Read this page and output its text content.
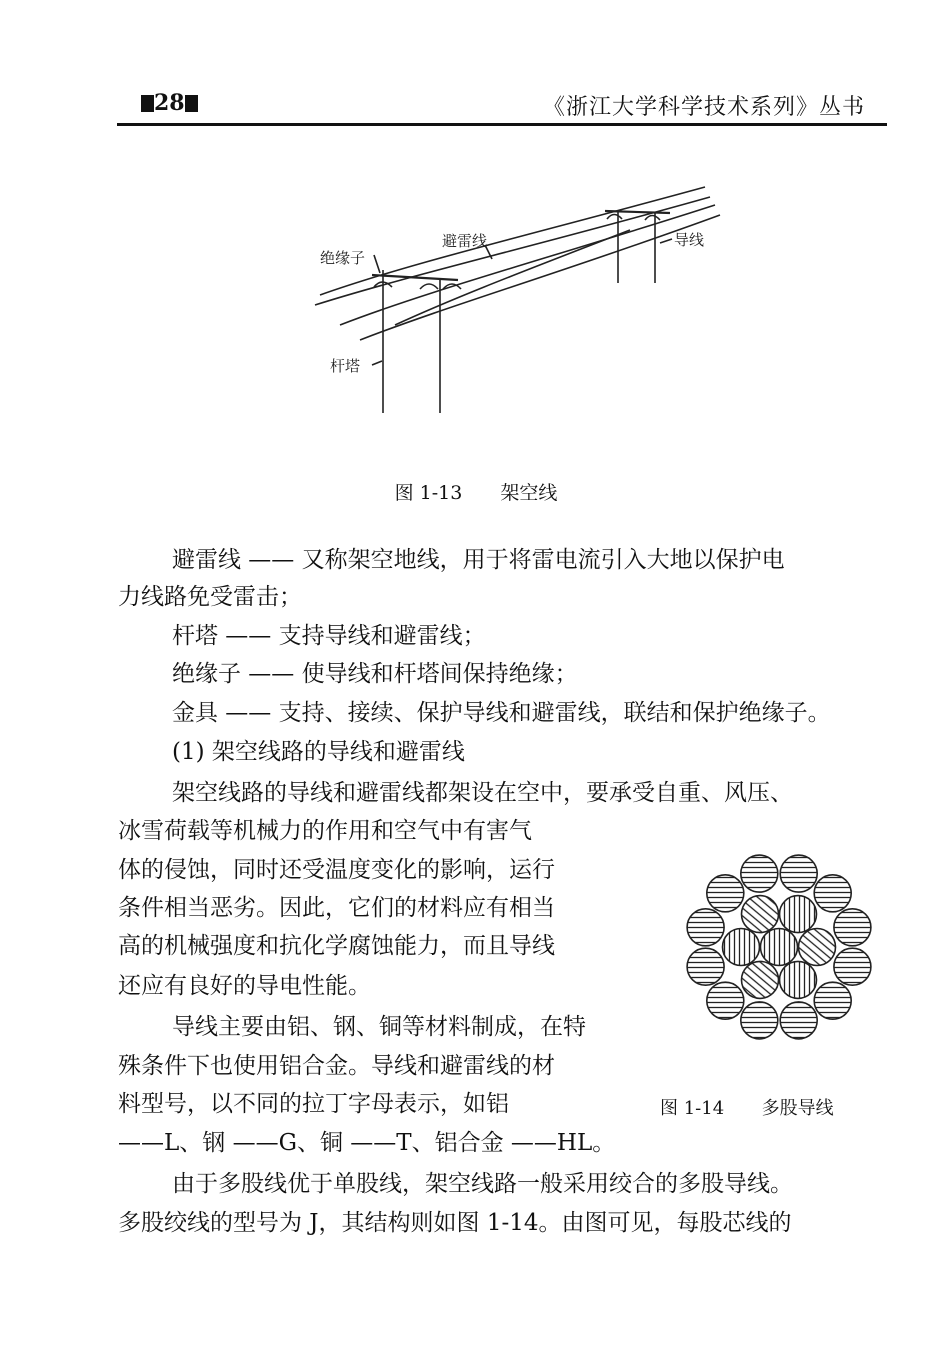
28	《浙江大学科学技术系列》丛书
绝缘子
避雷线	导线
杆塔
图 1-13 架空线
避雷线 —— 又称架空地线，用于将雷电流引入大地以保护电
力线路免受雷击；
杆塔 —— 支持导线和避雷线；
绝缘子 —— 使导线和杆塔间保持绝缘；
金具 —— 支持、接续、保护导线和避雷线，联结和保护绝缘子。
(1) 架空线路的导线和避雷线
架空线路的导线和避雷线都架设在空中，要承受自重、风压、
冰雪荷载等机械力的作用和空气中有害气
体的侵蚀，同时还受温度变化的影响，运行
条件相当恶劣。因此，它们的材料应有相当
高的机械强度和抗化学腐蚀能力，而且导线
还应有良好的导电性能。
导线主要由铝、钢、铜等材料制成，在特
殊条件下也使用铝合金。导线和避雷线的材
料型号，以不同的拉丁字母表示，如铝
——L、钢 ——G、铜 ——T、铝合金 ——HL。
由于多股线优于单股线，架空线路一般采用绞合的多股导线。
多股绞线的型号为 J，其结构则如图 1-14。由图可见，每股芯线的
图 1-14 多股导线
